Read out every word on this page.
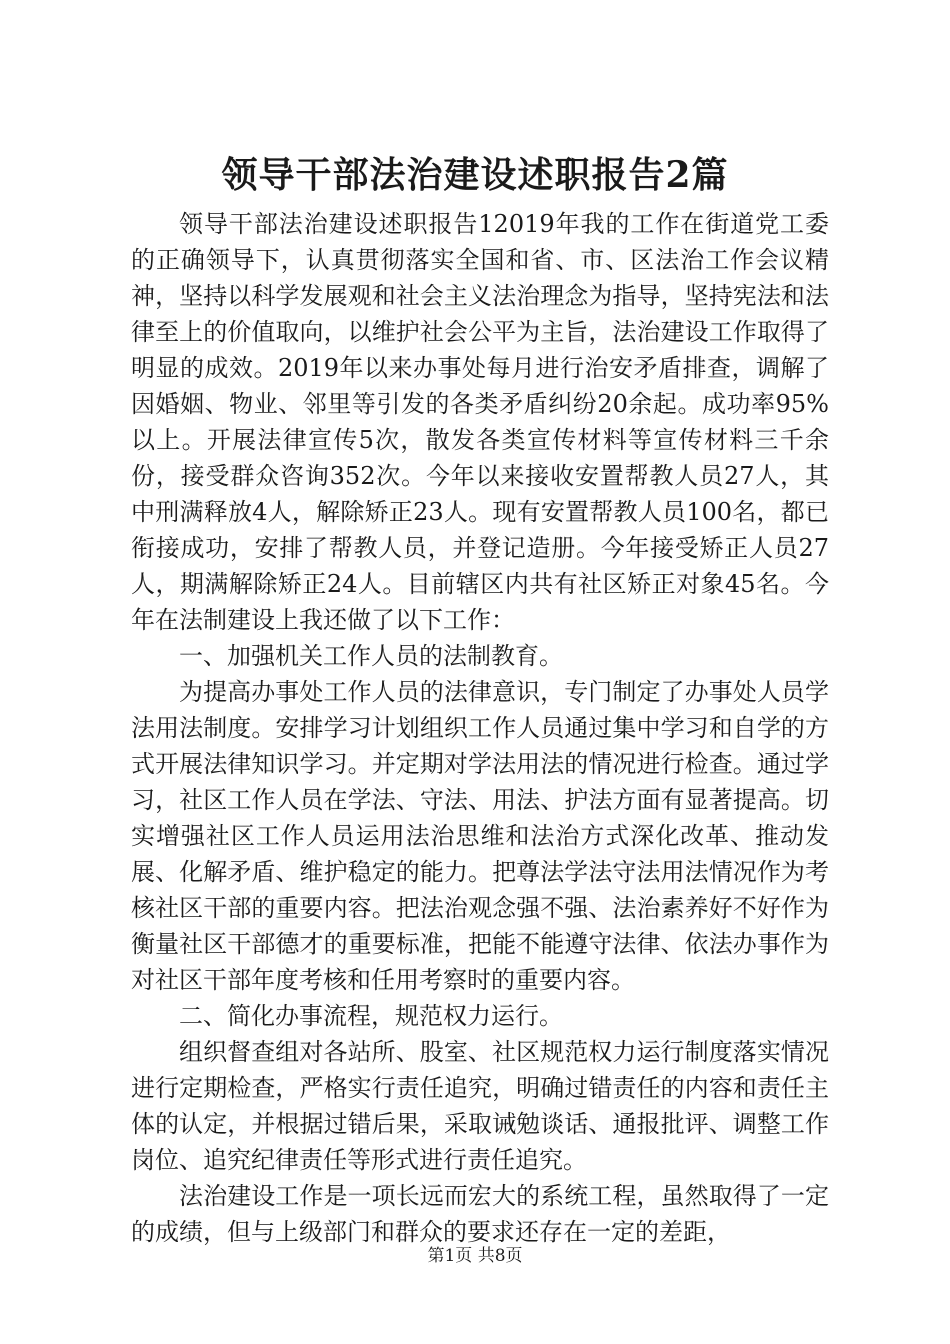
领导干部法治建设述职报告2篇

领导干部法治建设述职报告12019年我的工作在街道党工委的正确领导下，认真贯彻落实全国和省、市、区法治工作会议精神，坚持以科学发展观和社会主义法治理念为指导，坚持宪法和法律至上的价值取向，以维护社会公平为主旨，法治建设工作取得了明显的成效。2019年以来办事处每月进行治安矛盾排查，调解了因婚姻、物业、邻里等引发的各类矛盾纠纷20余起。成功率95%以上。开展法律宣传5次，散发各类宣传材料等宣传材料三千余份，接受群众咨询352次。今年以来接收安置帮教人员27人，其中刑满释放4人，解除矫正23人。现有安置帮教人员100名，都已衔接成功，安排了帮教人员，并登记造册。今年接受矫正人员27人，期满解除矫正24人。目前辖区内共有社区矫正对象45名。今年在法制建设上我还做了以下工作：

一、加强机关工作人员的法制教育。

为提高办事处工作人员的法律意识，专门制定了办事处人员学法用法制度。安排学习计划组织工作人员通过集中学习和自学的方式开展法律知识学习。并定期对学法用法的情况进行检查。通过学习，社区工作人员在学法、守法、用法、护法方面有显著提高。切实增强社区工作人员运用法治思维和法治方式深化改革、推动发展、化解矛盾、维护稳定的能力。把尊法学法守法用法情况作为考核社区干部的重要内容。把法治观念强不强、法治素养好不好作为衡量社区干部德才的重要标准，把能不能遵守法律、依法办事作为对社区干部年度考核和任用考察时的重要内容。

二、简化办事流程，规范权力运行。

组织督查组对各站所、股室、社区规范权力运行制度落实情况进行定期检查，严格实行责任追究，明确过错责任的内容和责任主体的认定，并根据过错后果，采取诫勉谈话、通报批评、调整工作岗位、追究纪律责任等形式进行责任追究。

法治建设工作是一项长远而宏大的系统工程，虽然取得了一定的成绩，但与上级部门和群众的要求还存在一定的差距，

第1页 共8页
